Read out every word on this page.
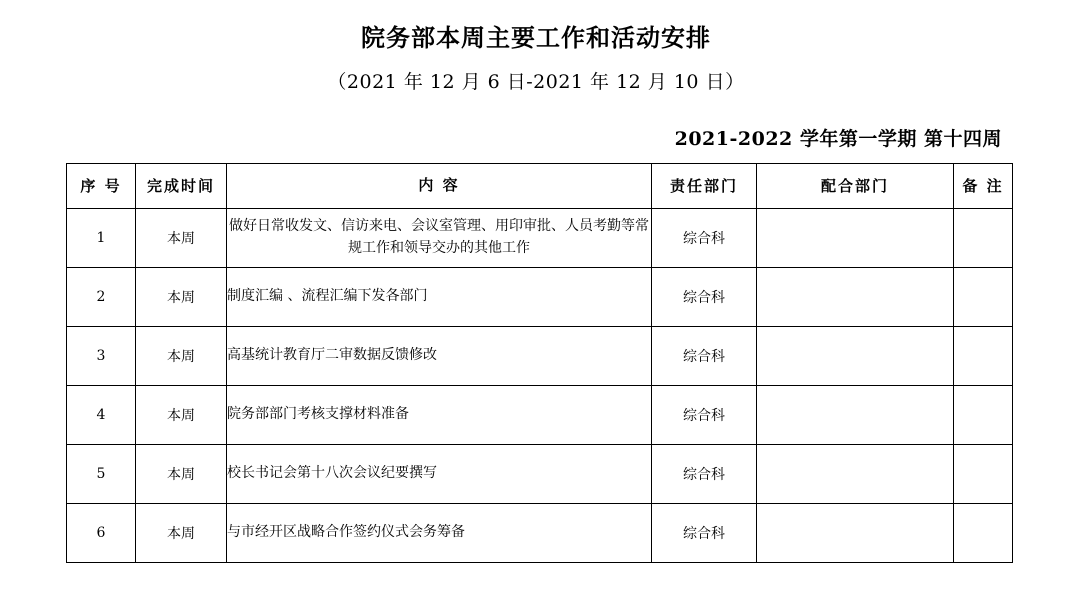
院务部本周主要工作和活动安排
（2021 年 12 月 6 日-2021 年 12 月 10 日）
2021-2022 学年第一学期 第十四周
序 号	完成时间	内 容	责任部门	配合部门	备 注
1	本周	做好日常收发文、信访来电、会议室管理、用印审批、人员考勤等常规工作和领导交办的其他工作	综合科		
2	本周	制度汇编 、流程汇编下发各部门	综合科		
3	本周	高基统计教育厅二审数据反馈修改	综合科		
4	本周	院务部部门考核支撑材料准备	综合科		
5	本周	校长书记会第十八次会议纪要撰写	综合科		
6	本周	与市经开区战略合作签约仪式会务筹备	综合科		
